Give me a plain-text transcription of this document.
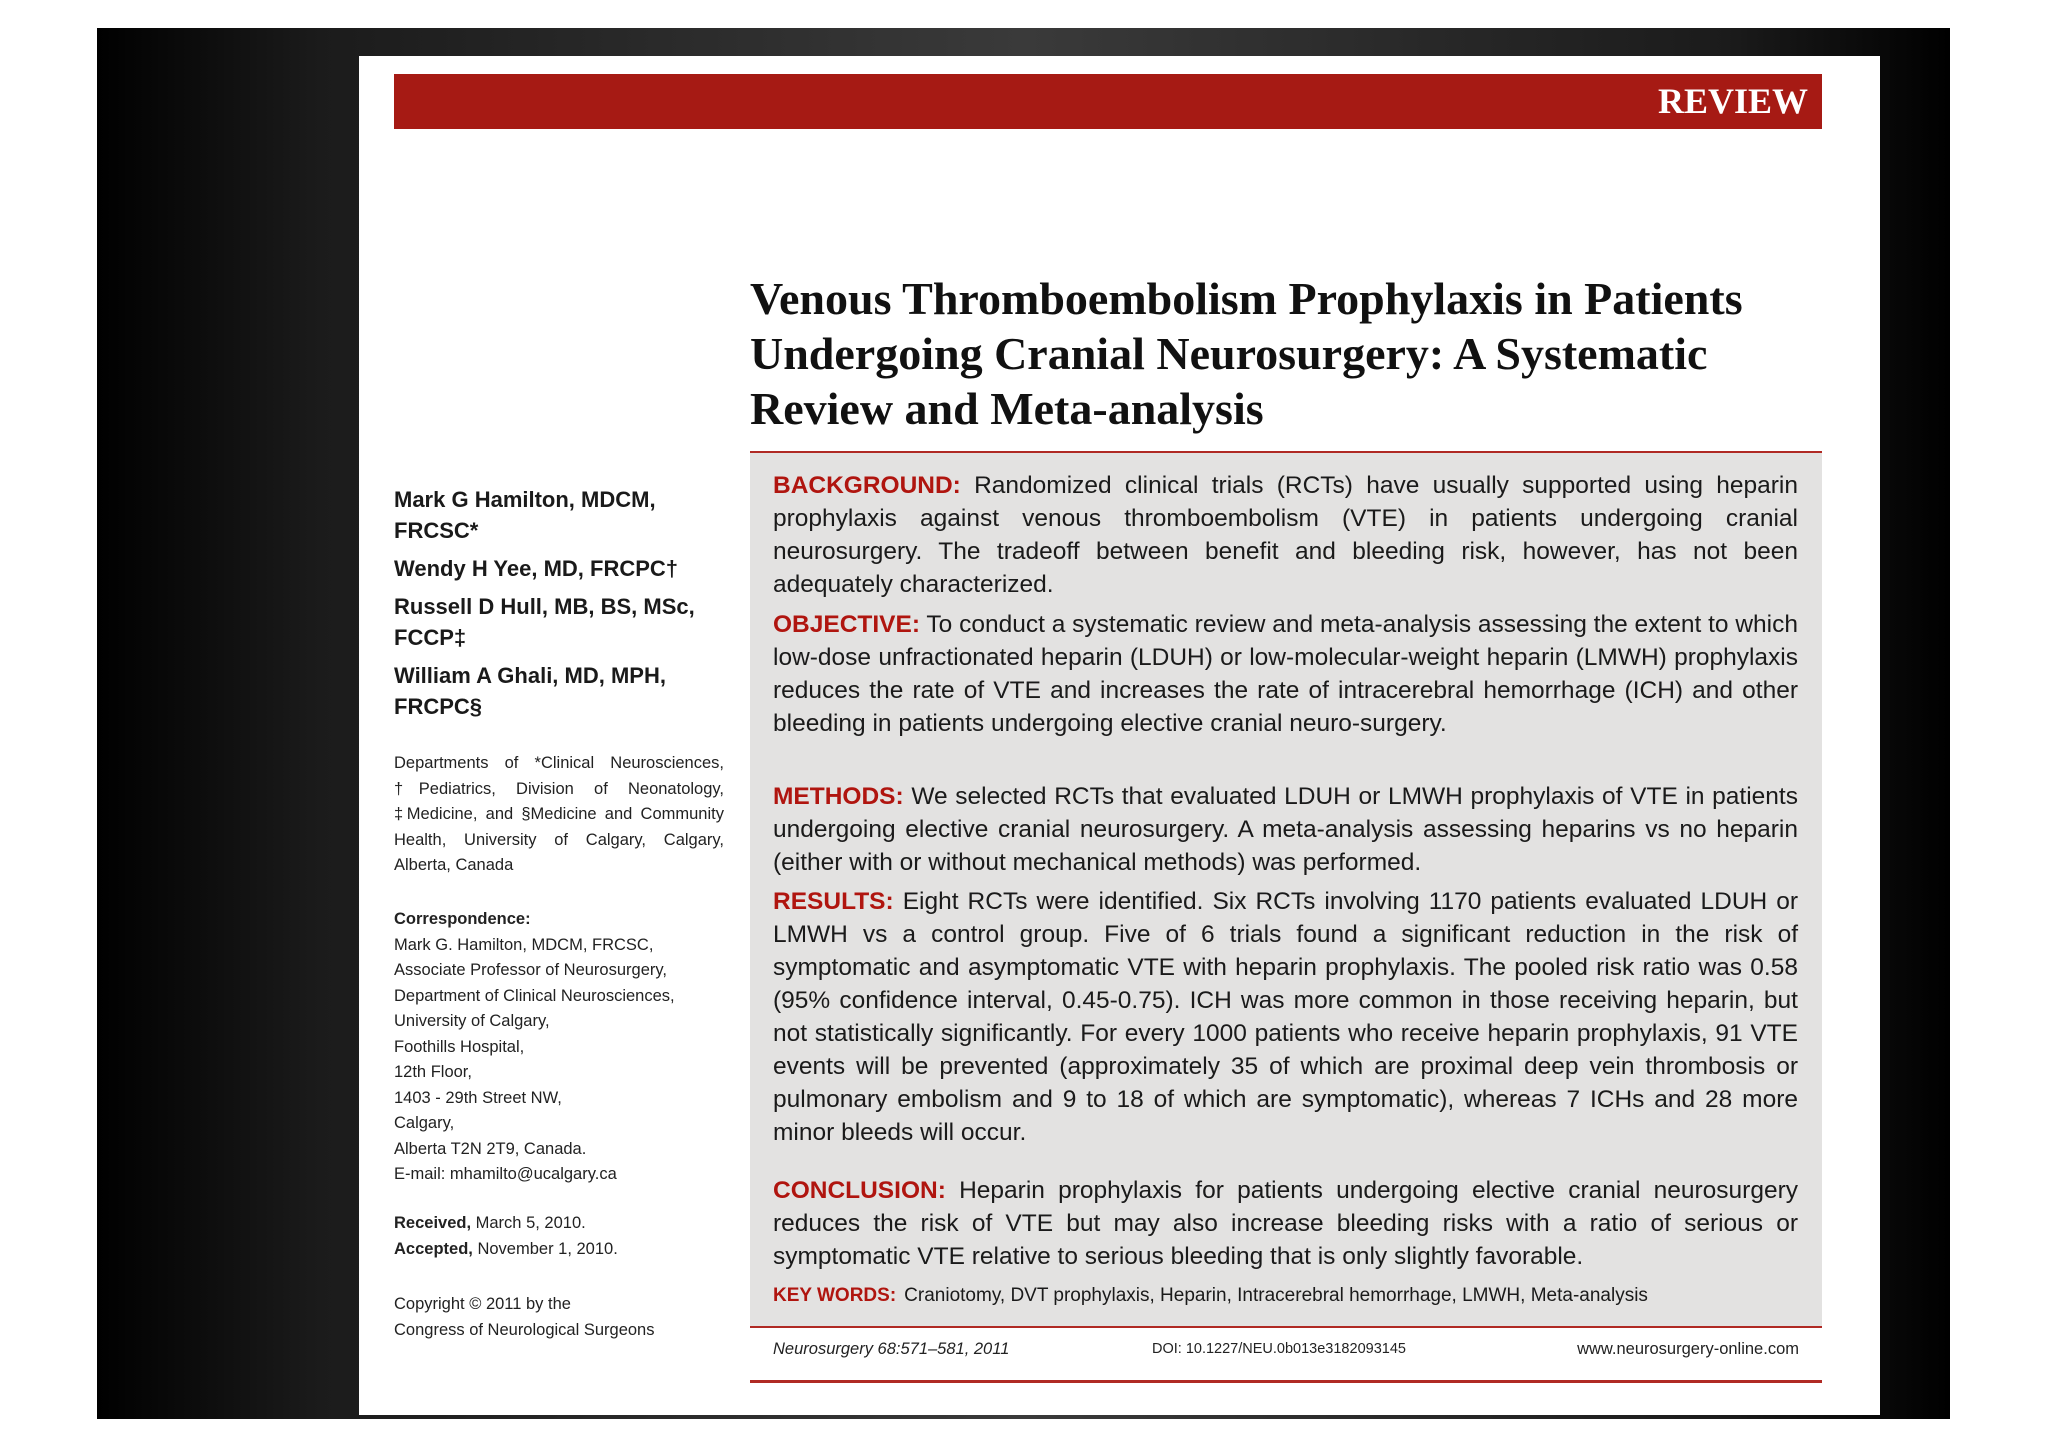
REVIEW
Venous Thromboembolism Prophylaxis in Patients Undergoing Cranial Neurosurgery: A Systematic Review and Meta-analysis
Mark G Hamilton, MDCM, FRCSC*
Wendy H Yee, MD, FRCPC†
Russell D Hull, MB, BS, MSc, FCCP‡
William A Ghali, MD, MPH, FRCPC§
Departments of *Clinical Neurosciences, †Pediatrics, Division of Neonatology, ‡Medicine, and §Medicine and Community Health, University of Calgary, Calgary, Alberta, Canada
Correspondence:
Mark G. Hamilton, MDCM, FRCSC,
Associate Professor of Neurosurgery,
Department of Clinical Neurosciences,
University of Calgary,
Foothills Hospital,
12th Floor,
1403 - 29th Street NW,
Calgary,
Alberta T2N 2T9, Canada.
E-mail: mhamilto@ucalgary.ca
Received, March 5, 2010.
Accepted, November 1, 2010.
Copyright © 2011 by the
Congress of Neurological Surgeons

BACKGROUND: Randomized clinical trials (RCTs) have usually supported using heparin prophylaxis against venous thromboembolism (VTE) in patients undergoing cranial neurosurgery. The tradeoff between benefit and bleeding risk, however, has not been adequately characterized.

OBJECTIVE: To conduct a systematic review and meta-analysis assessing the extent to which low-dose unfractionated heparin (LDUH) or low-molecular-weight heparin (LMWH) prophylaxis reduces the rate of VTE and increases the rate of intracerebral hemorrhage (ICH) and other bleeding in patients undergoing elective cranial neuro-surgery.

METHODS: We selected RCTs that evaluated LDUH or LMWH prophylaxis of VTE in patients undergoing elective cranial neurosurgery. A meta-analysis assessing heparins vs no heparin (either with or without mechanical methods) was performed.

RESULTS: Eight RCTs were identified. Six RCTs involving 1170 patients evaluated LDUH or LMWH vs a control group. Five of 6 trials found a significant reduction in the risk of symptomatic and asymptomatic VTE with heparin prophylaxis. The pooled risk ratio was 0.58 (95% confidence interval, 0.45-0.75). ICH was more common in those receiving heparin, but not statistically significantly. For every 1000 patients who receive heparin prophylaxis, 91 VTE events will be prevented (approximately 35 of which are proximal deep vein thrombosis or pulmonary embolism and 9 to 18 of which are symptomatic), whereas 7 ICHs and 28 more minor bleeds will occur.

CONCLUSION: Heparin prophylaxis for patients undergoing elective cranial neurosurgery reduces the risk of VTE but may also increase bleeding risks with a ratio of serious or symptomatic VTE relative to serious bleeding that is only slightly favorable.

KEY WORDS: Craniotomy, DVT prophylaxis, Heparin, Intracerebral hemorrhage, LMWH, Meta-analysis
Neurosurgery 68:571–581, 2011	DOI: 10.1227/NEU.0b013e3182093145	www.neurosurgery-online.com
